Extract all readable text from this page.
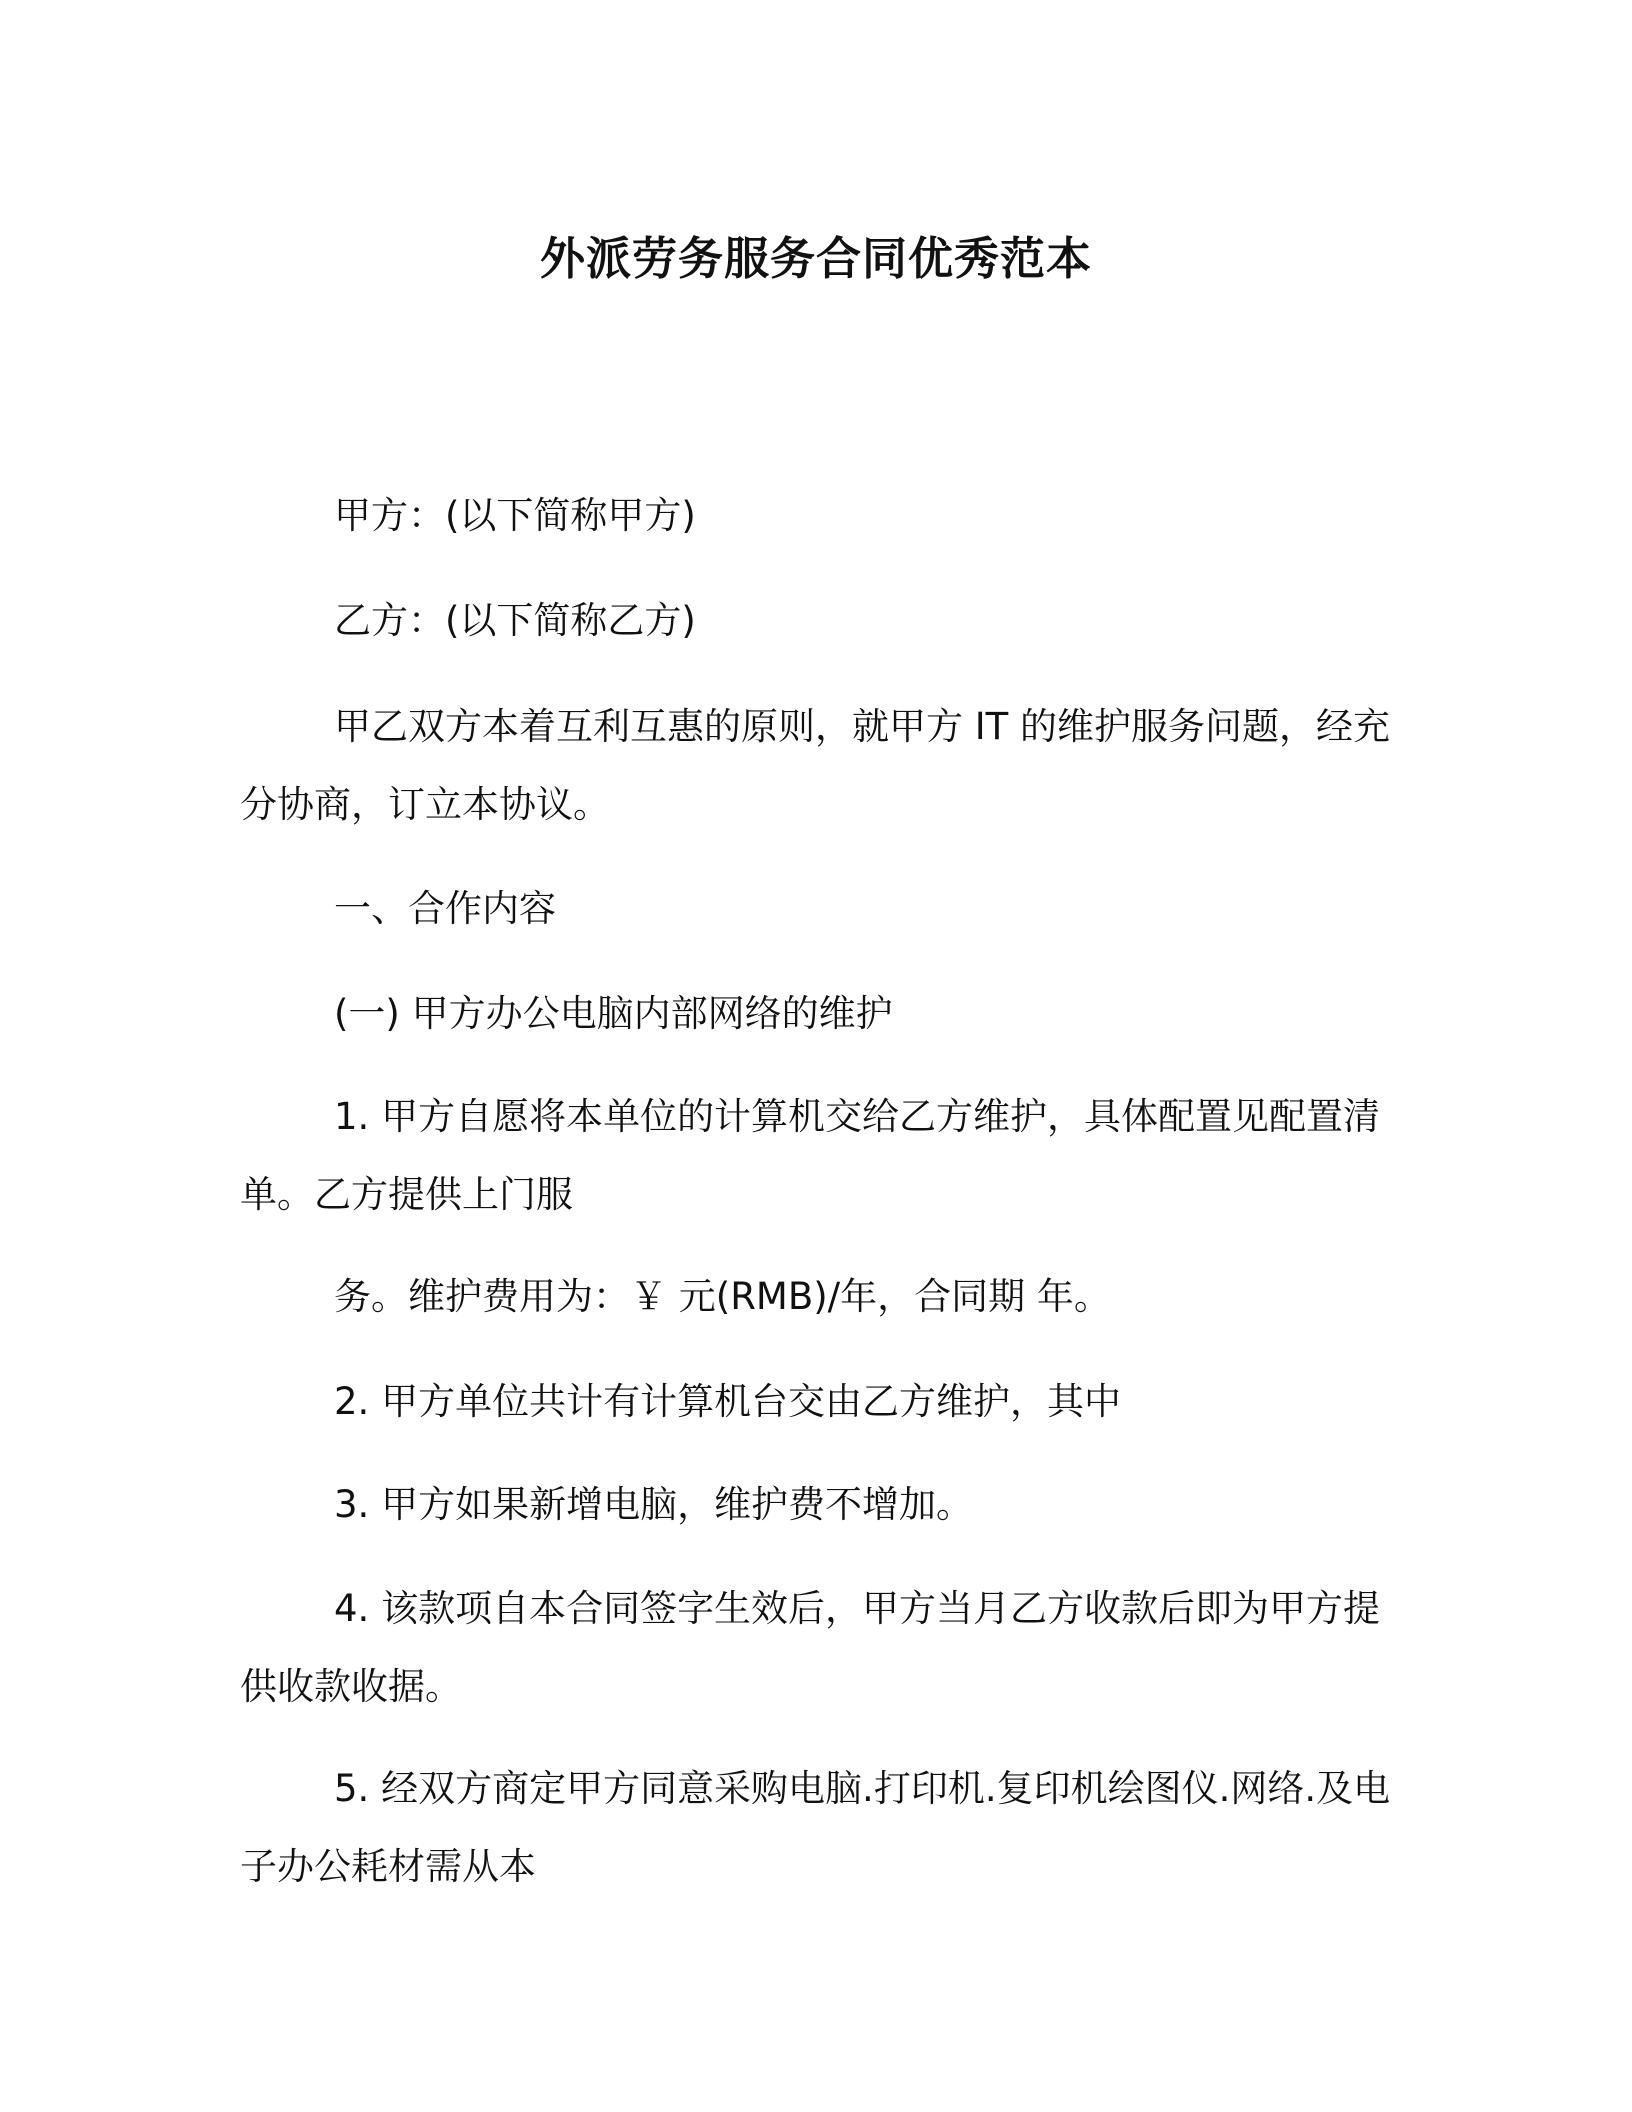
外派劳务服务合同优秀范本

甲方：(以下简称甲方)

乙方：(以下简称乙方)

甲乙双方本着互利互惠的原则，就甲方 IT 的维护服务问题，经充分协商，订立本协议。

一、合作内容

(一) 甲方办公电脑内部网络的维护

1. 甲方自愿将本单位的计算机交给乙方维护，具体配置见配置清单。乙方提供上门服

务。维护费用为：￥ 元(RMB)/年，合同期 年。

2. 甲方单位共计有计算机台交由乙方维护，其中

3. 甲方如果新增电脑，维护费不增加。

4. 该款项自本合同签字生效后，甲方当月乙方收款后即为甲方提供收款收据。

5. 经双方商定甲方同意采购电脑.打印机.复印机绘图仪.网络.及电子办公耗材需从本
